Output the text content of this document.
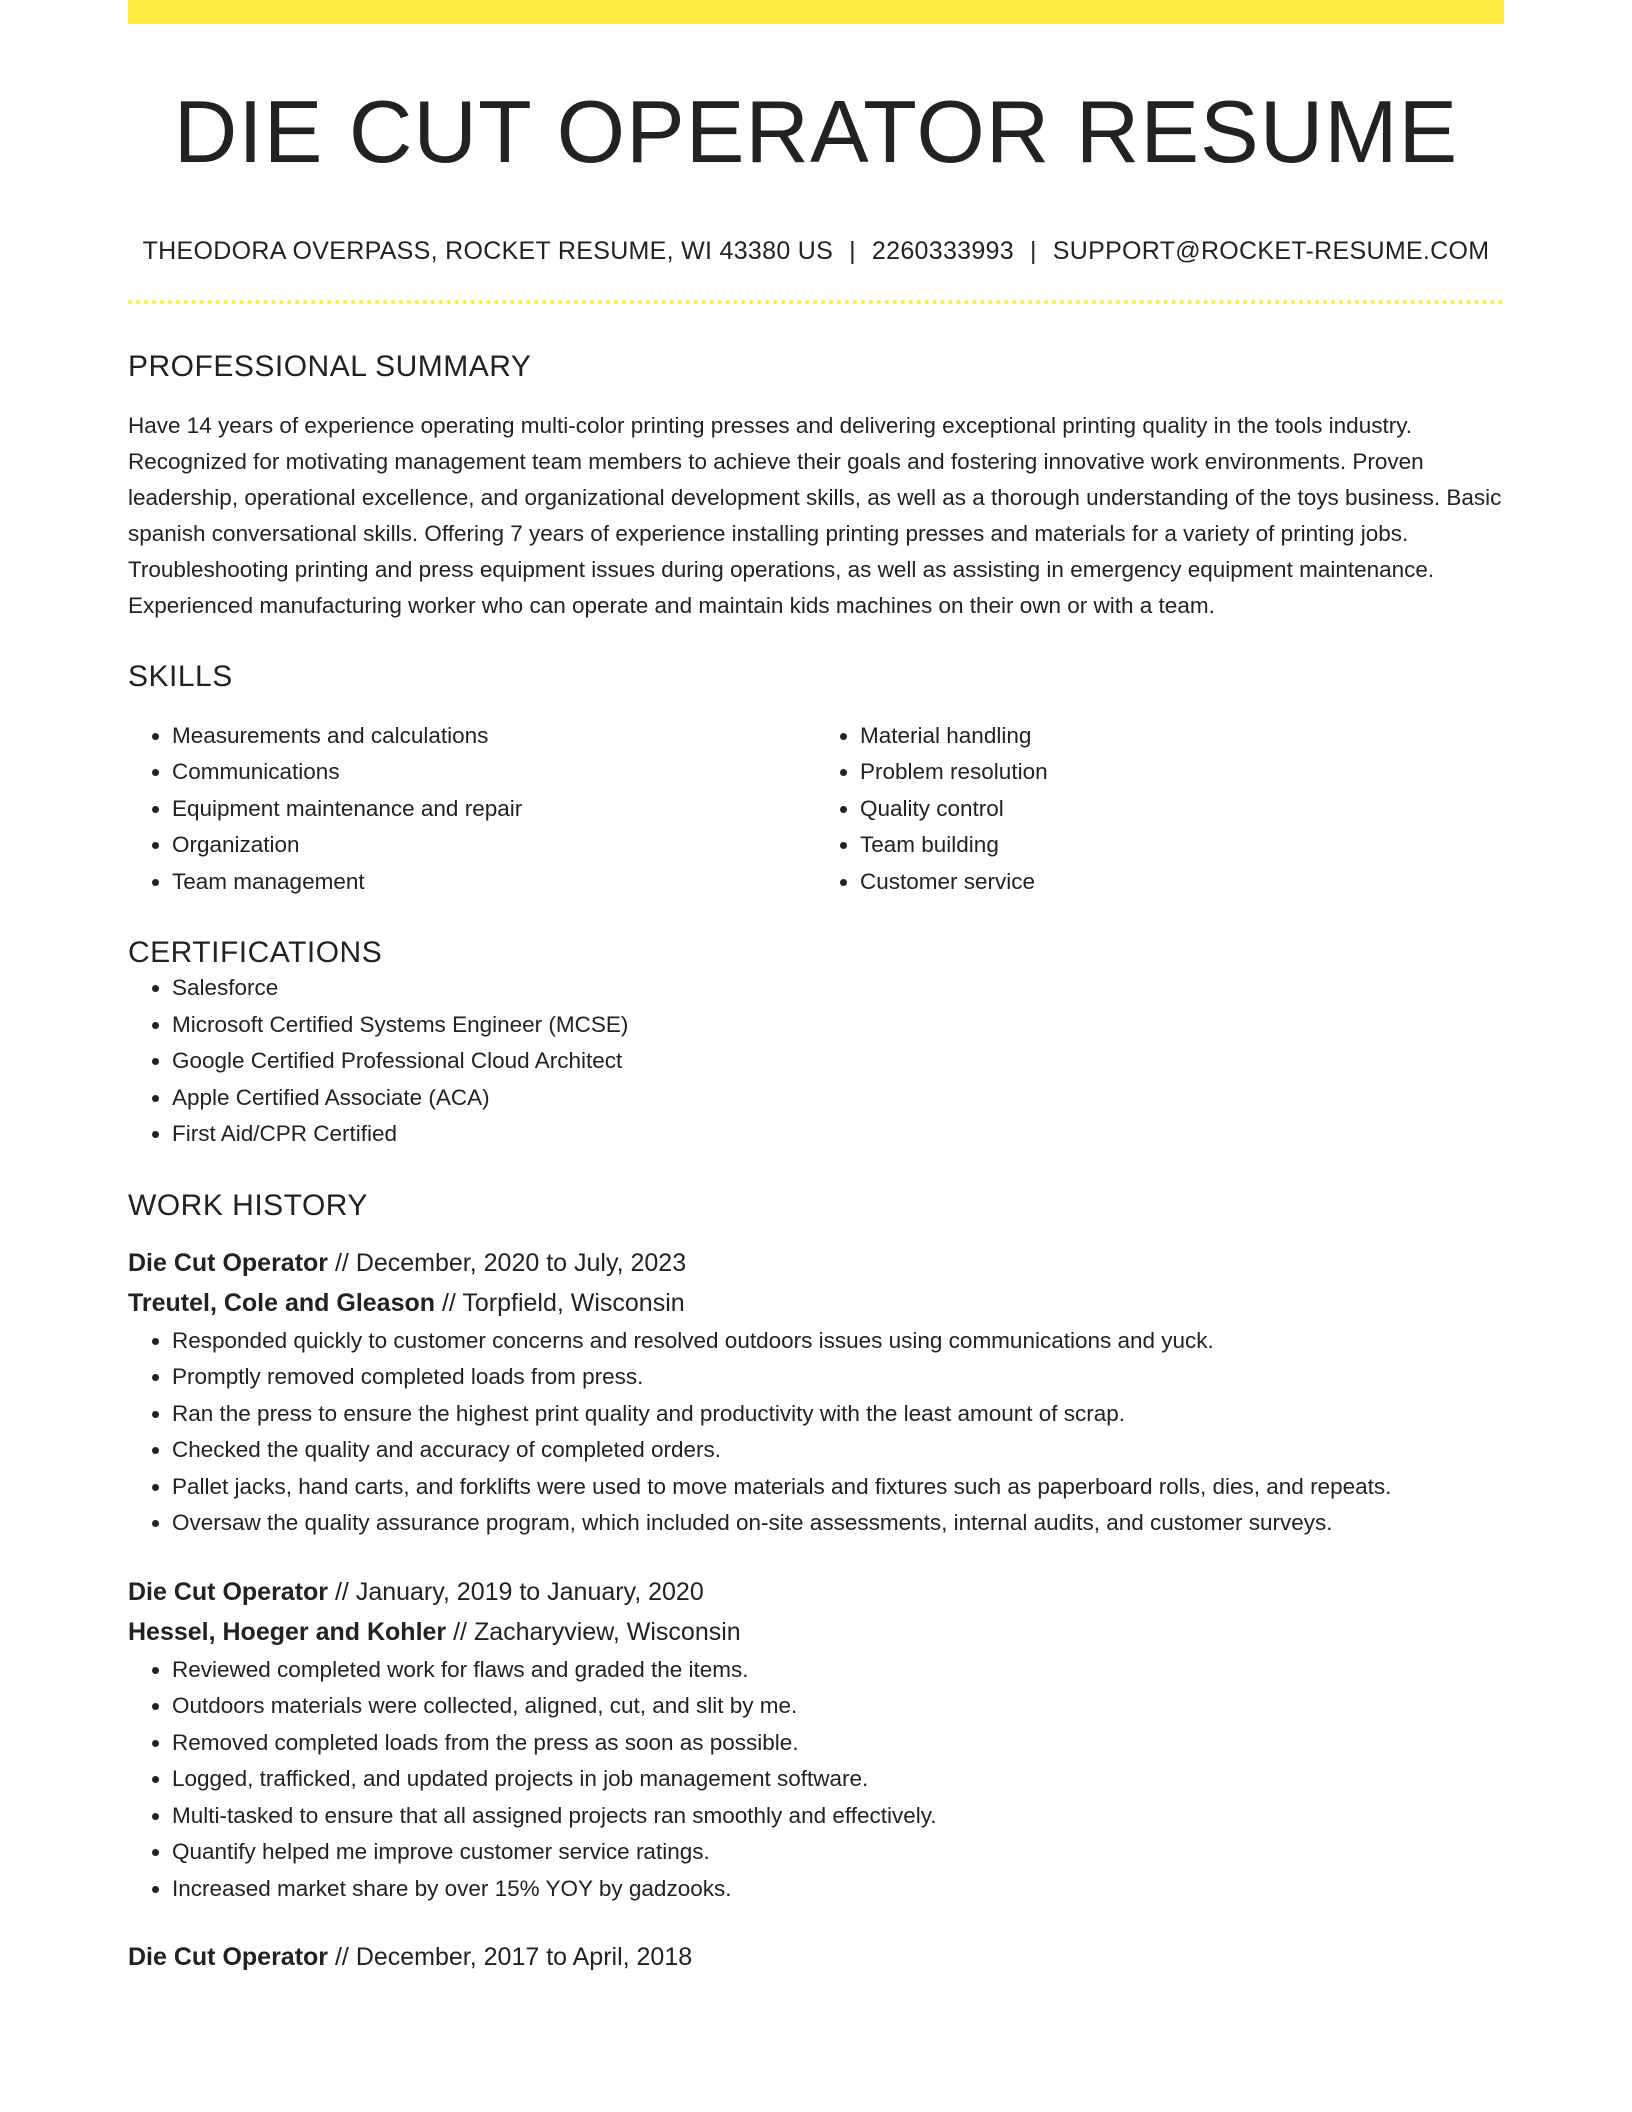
DIE CUT OPERATOR RESUME
THEODORA OVERPASS, ROCKET RESUME, WI 43380 US | 2260333993 | SUPPORT@ROCKET-RESUME.COM
PROFESSIONAL SUMMARY
Have 14 years of experience operating multi-color printing presses and delivering exceptional printing quality in the tools industry. Recognized for motivating management team members to achieve their goals and fostering innovative work environments. Proven leadership, operational excellence, and organizational development skills, as well as a thorough understanding of the toys business. Basic spanish conversational skills. Offering 7 years of experience installing printing presses and materials for a variety of printing jobs. Troubleshooting printing and press equipment issues during operations, as well as assisting in emergency equipment maintenance. Experienced manufacturing worker who can operate and maintain kids machines on their own or with a team.
SKILLS
• Measurements and calculations
• Communications
• Equipment maintenance and repair
• Organization
• Team management
• Material handling
• Problem resolution
• Quality control
• Team building
• Customer service
CERTIFICATIONS
• Salesforce
• Microsoft Certified Systems Engineer (MCSE)
• Google Certified Professional Cloud Architect
• Apple Certified Associate (ACA)
• First Aid/CPR Certified
WORK HISTORY
Die Cut Operator // December, 2020 to July, 2023
Treutel, Cole and Gleason // Torpfield, Wisconsin
• Responded quickly to customer concerns and resolved outdoors issues using communications and yuck.
• Promptly removed completed loads from press.
• Ran the press to ensure the highest print quality and productivity with the least amount of scrap.
• Checked the quality and accuracy of completed orders.
• Pallet jacks, hand carts, and forklifts were used to move materials and fixtures such as paperboard rolls, dies, and repeats.
• Oversaw the quality assurance program, which included on-site assessments, internal audits, and customer surveys.
Die Cut Operator // January, 2019 to January, 2020
Hessel, Hoeger and Kohler // Zacharyview, Wisconsin
• Reviewed completed work for flaws and graded the items.
• Outdoors materials were collected, aligned, cut, and slit by me.
• Removed completed loads from the press as soon as possible.
• Logged, trafficked, and updated projects in job management software.
• Multi-tasked to ensure that all assigned projects ran smoothly and effectively.
• Quantify helped me improve customer service ratings.
• Increased market share by over 15% YOY by gadzooks.
Die Cut Operator // December, 2017 to April, 2018
